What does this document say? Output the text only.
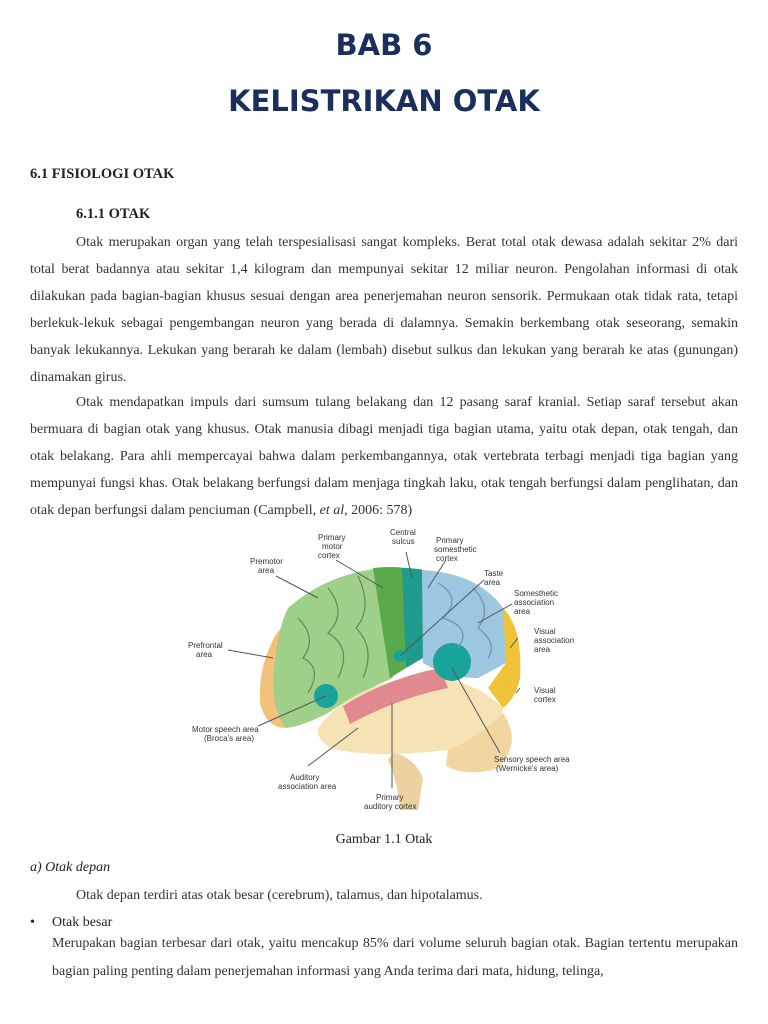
BAB 6
KELISTRIKAN OTAK

6.1 FISIOLOGI OTAK

6.1.1 OTAK

Otak merupakan organ yang telah terspesialisasi sangat kompleks. Berat total otak dewasa adalah sekitar 2% dari total berat badannya atau sekitar 1,4 kilogram dan mempunyai sekitar 12 miliar neuron. Pengolahan informasi di otak dilakukan pada bagian-bagian khusus sesuai dengan area penerjemahan neuron sensorik. Permukaan otak tidak rata, tetapi berlekuk-lekuk sebagai pengembangan neuron yang berada di dalamnya. Semakin berkembang otak seseorang, semakin banyak lekukannya. Lekukan yang berarah ke dalam (lembah) disebut sulkus dan lekukan yang berarah ke atas (gunungan) dinamakan girus.

Otak mendapatkan impuls dari sumsum tulang belakang dan 12 pasang saraf kranial. Setiap saraf tersebut akan bermuara di bagian otak yang khusus. Otak manusia dibagi menjadi tiga bagian utama, yaitu otak depan, otak tengah, dan otak belakang. Para ahli mempercayai bahwa dalam perkembangannya, otak vertebrata terbagi menjadi tiga bagian yang mempunyai fungsi khas. Otak belakang berfungsi dalam menjaga tingkah laku, otak tengah berfungsi dalam penglihatan, dan otak depan berfungsi dalam penciuman (Campbell, et al, 2006: 578)

Primary motor cortex
Central sulcus	Primary somesthetic cortex
Premotor area	Taste area
Somesthetic association area
Prefrontal area
Visual association area
Visual cortex
Motor speech area (Broca's area)
Sensory speech area (Wernicke's area)
Auditory association area
Primary auditory cortex

Gambar 1.1 Otak

a) Otak depan

Otak depan terdiri atas otak besar (cerebrum), talamus, dan hipotalamus.

• Otak besar

Merupakan bagian terbesar dari otak, yaitu mencakup 85% dari volume seluruh bagian otak. Bagian tertentu merupakan bagian paling penting dalam penerjemahan informasi yang Anda terima dari mata, hidung, telinga,
